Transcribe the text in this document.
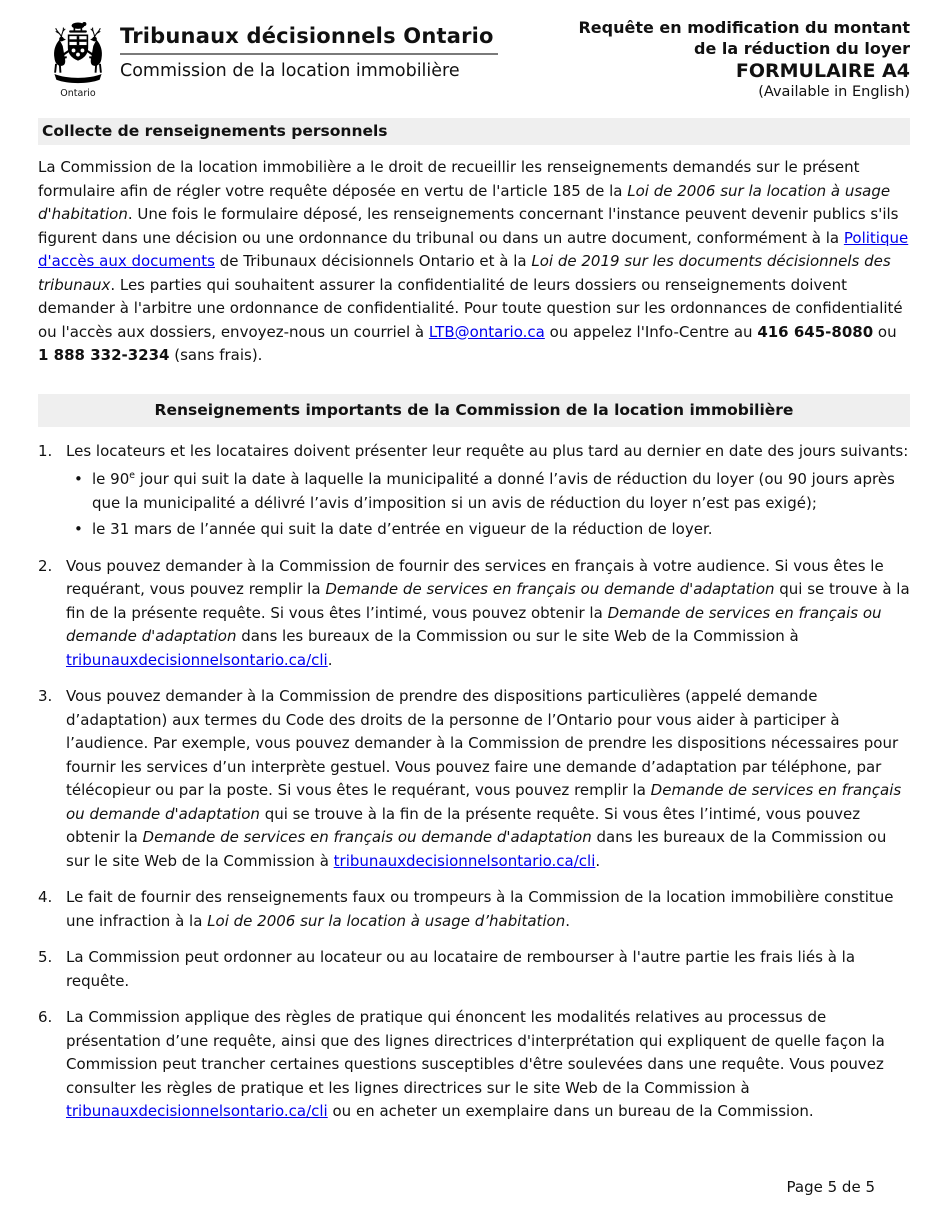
Ontario
Tribunaux décisionnels Ontario
Commission de la location immobilière
Requête en modification du montant
de la réduction du loyer
FORMULAIRE A4
(Available in English)
Collecte de renseignements personnels

La Commission de la location immobilière a le droit de recueillir les renseignements demandés sur le présent formulaire afin de régler votre requête déposée en vertu de l'article 185 de la Loi de 2006 sur la location à usage d'habitation. Une fois le formulaire déposé, les renseignements concernant l'instance peuvent devenir publics s'ils figurent dans une décision ou une ordonnance du tribunal ou dans un autre document, conformément à la Politique d'accès aux documents de Tribunaux décisionnels Ontario et à la Loi de 2019 sur les documents décisionnels des tribunaux. Les parties qui souhaitent assurer la confidentialité de leurs dossiers ou renseignements doivent demander à l'arbitre une ordonnance de confidentialité. Pour toute question sur les ordonnances de confidentialité ou l'accès aux dossiers, envoyez-nous un courriel à LTB@ontario.ca ou appelez l'Info-Centre au 416 645-8080 ou 1 888 332-3234 (sans frais).

Renseignements importants de la Commission de la location immobilière
1. Les locateurs et les locataires doivent présenter leur requête au plus tard au dernier en date des jours suivants:
• le 90e jour qui suit la date à laquelle la municipalité a donné l’avis de réduction du loyer (ou 90 jours après que la municipalité a délivré l’avis d’imposition si un avis de réduction du loyer n’est pas exigé);
• le 31 mars de l’année qui suit la date d’entrée en vigueur de la réduction de loyer.
2. Vous pouvez demander à la Commission de fournir des services en français à votre audience. Si vous êtes le requérant, vous pouvez remplir la Demande de services en français ou demande d'adaptation qui se trouve à la fin de la présente requête. Si vous êtes l’intimé, vous pouvez obtenir la Demande de services en français ou demande d'adaptation dans les bureaux de la Commission ou sur le site Web de la Commission à tribunauxdecisionnelsontario.ca/cli.
3. Vous pouvez demander à la Commission de prendre des dispositions particulières (appelé demande d’adaptation) aux termes du Code des droits de la personne de l’Ontario pour vous aider à participer à l’audience. Par exemple, vous pouvez demander à la Commission de prendre les dispositions nécessaires pour fournir les services d’un interprète gestuel. Vous pouvez faire une demande d’adaptation par téléphone, par télécopieur ou par la poste. Si vous êtes le requérant, vous pouvez remplir la Demande de services en français ou demande d'adaptation qui se trouve à la fin de la présente requête. Si vous êtes l’intimé, vous pouvez obtenir la Demande de services en français ou demande d'adaptation dans les bureaux de la Commission ou sur le site Web de la Commission à tribunauxdecisionnelsontario.ca/cli.
4. Le fait de fournir des renseignements faux ou trompeurs à la Commission de la location immobilière constitue une infraction à la Loi de 2006 sur la location à usage d’habitation.
5. La Commission peut ordonner au locateur ou au locataire de rembourser à l'autre partie les frais liés à la requête.
6. La Commission applique des règles de pratique qui énoncent les modalités relatives au processus de présentation d’une requête, ainsi que des lignes directrices d'interprétation qui expliquent de quelle façon la Commission peut trancher certaines questions susceptibles d'être soulevées dans une requête. Vous pouvez consulter les règles de pratique et les lignes directrices sur le site Web de la Commission à tribunauxdecisionnelsontario.ca/cli ou en acheter un exemplaire dans un bureau de la Commission.
Page 5 de 5
